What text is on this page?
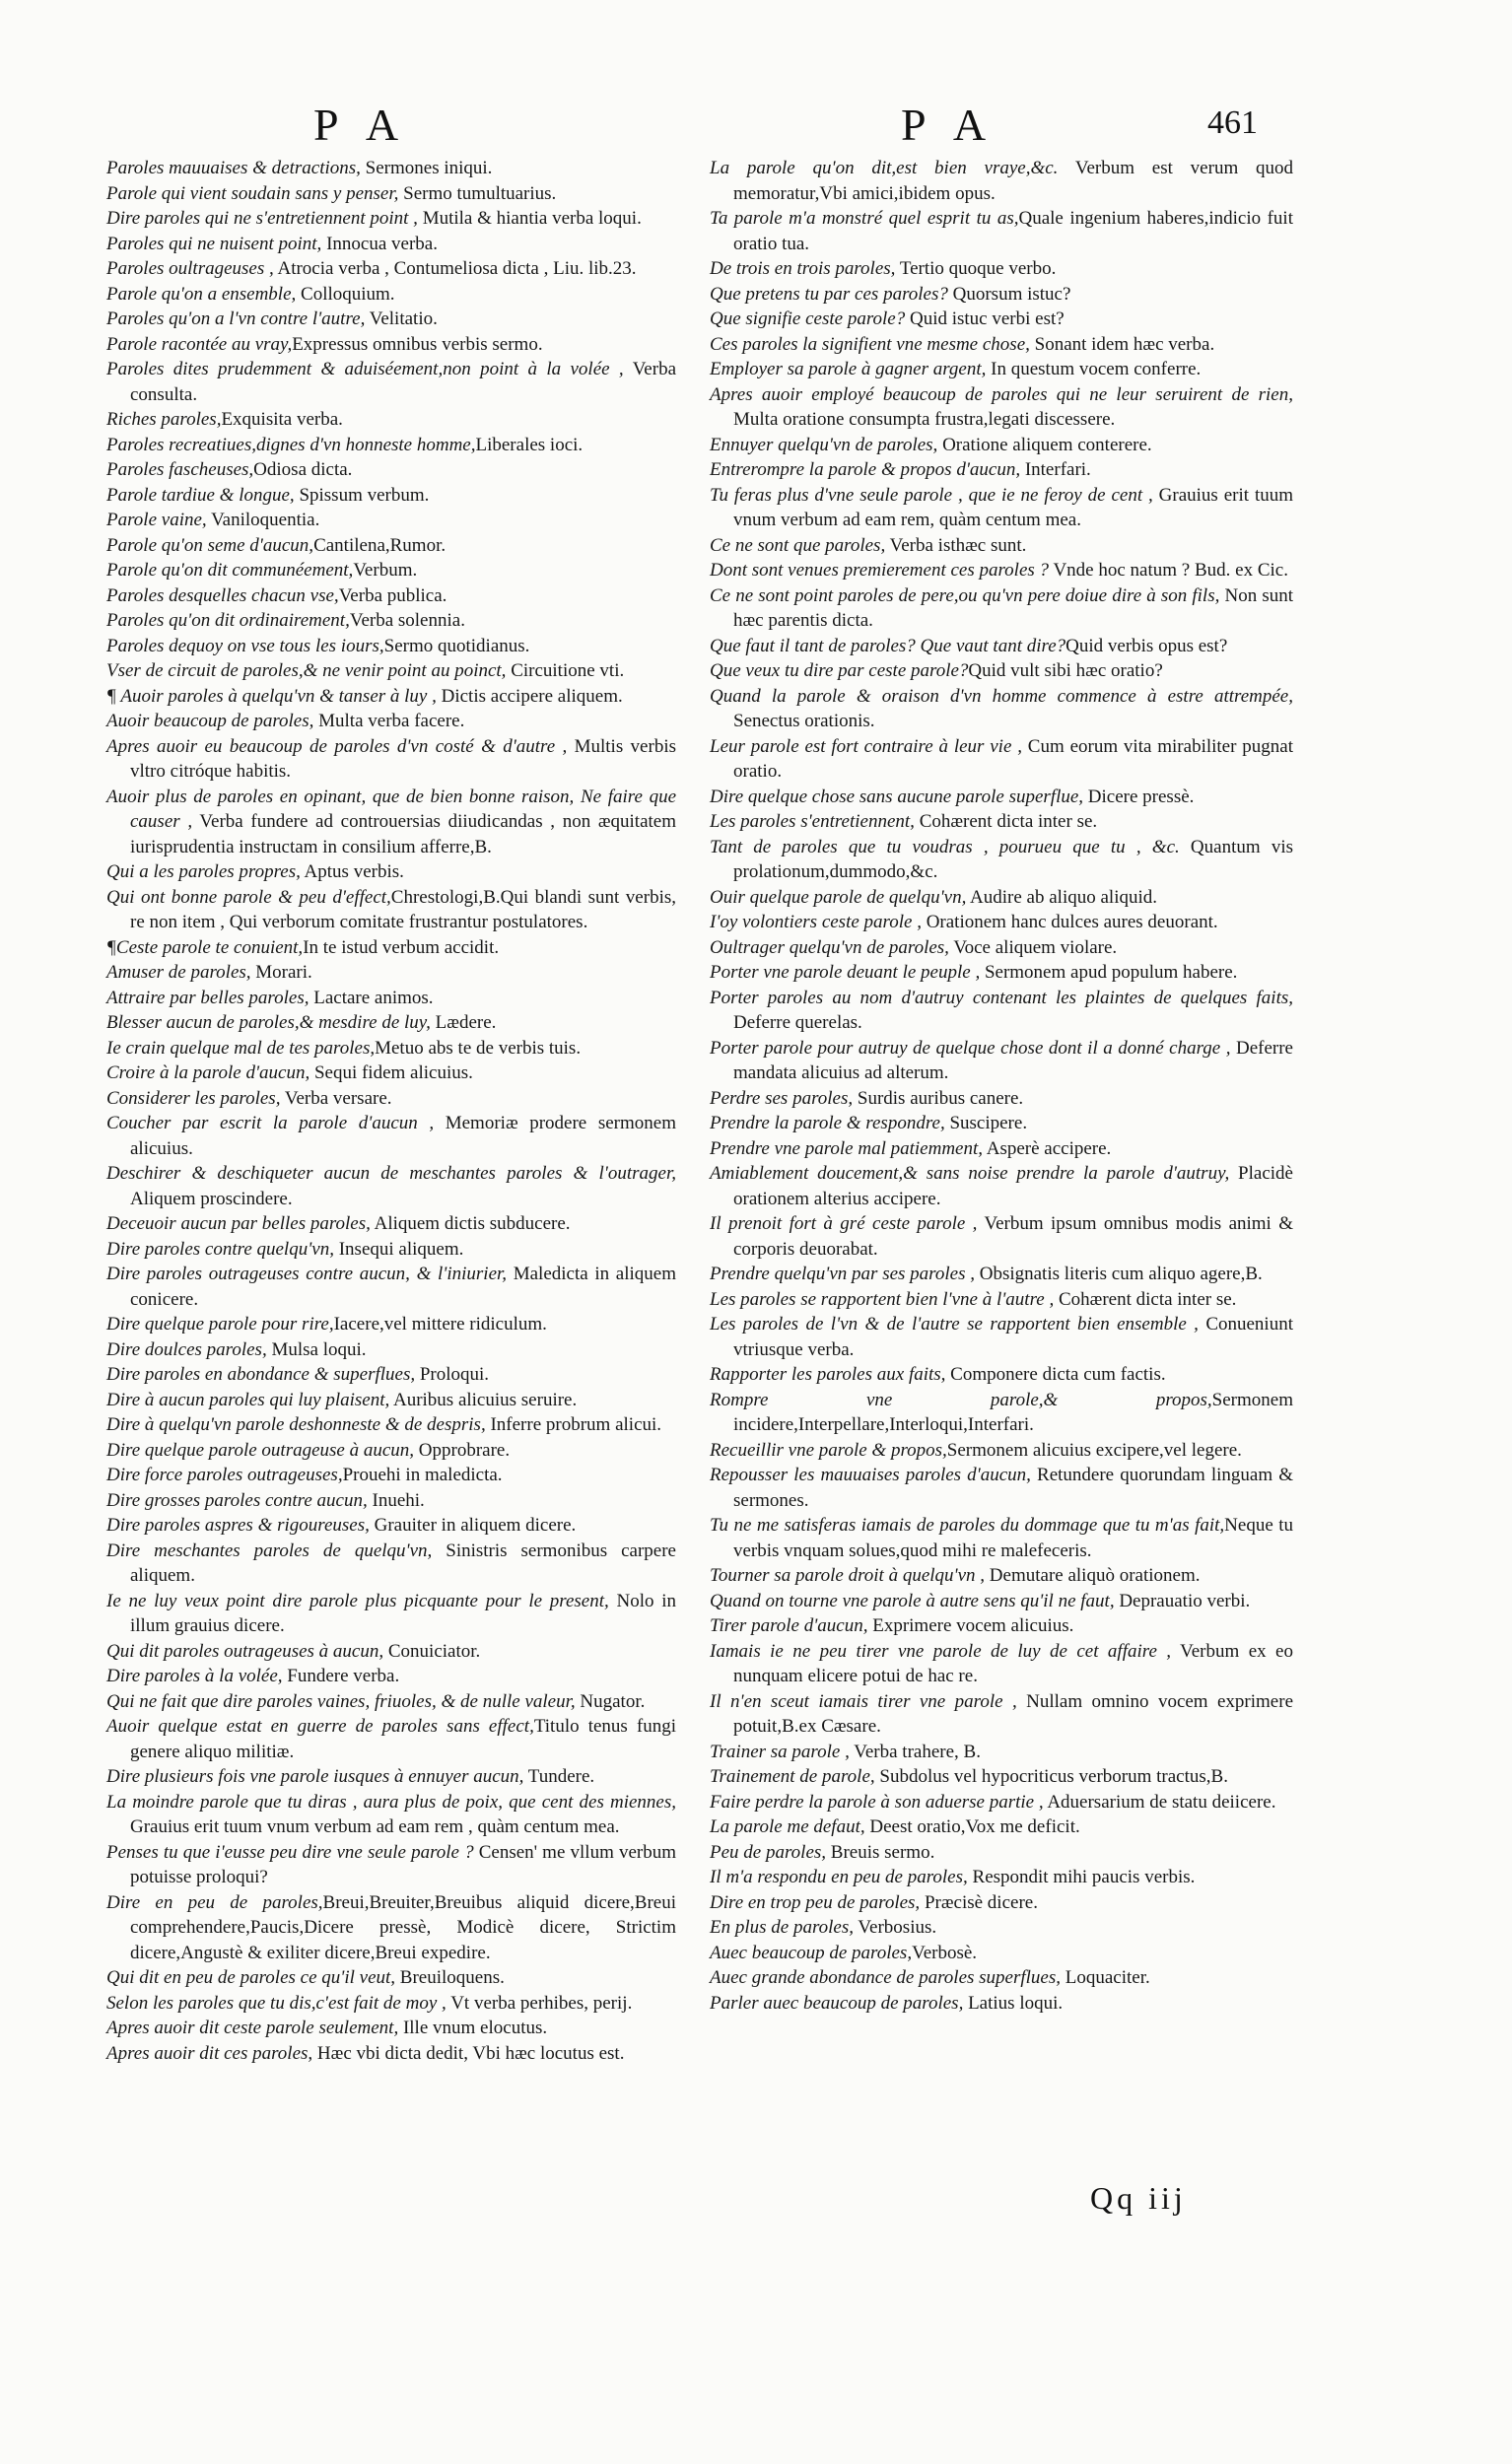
P A	P A	461
Paroles mauuaises & detractions, Sermones iniqui.
Parole qui vient soudain sans y penser, Sermo tumultuarius.
Dire paroles qui ne s'entretiennent point , Mutila & hiantia verba loqui.
Paroles qui ne nuisent point, Innocua verba.
Paroles oultrageuses , Atrocia verba , Contumeliosa dicta , Liu. lib.23.
Parole qu'on a ensemble, Colloquium.
Paroles qu'on a l'vn contre l'autre, Velitatio.
Parole racontée au vray,Expressus omnibus verbis sermo.
Paroles dites prudemment & aduiséement,non point à la volée , Verba consulta.
Riches paroles,Exquisita verba.
Paroles recreatiues,dignes d'vn honneste homme,Liberales ioci.
Paroles fascheuses,Odiosa dicta.
Parole tardiue & longue, Spissum verbum.
Parole vaine, Vaniloquentia.
Parole qu'on seme d'aucun,Cantilena,Rumor.
Parole qu'on dit communéement,Verbum.
Paroles desquelles chacun vse,Verba publica.
Paroles qu'on dit ordinairement,Verba solennia.
Paroles dequoy on vse tous les iours,Sermo quotidianus.
Vser de circuit de paroles,& ne venir point au poinct, Circuitione vti.
¶ Auoir paroles à quelqu'vn & tanser à luy , Dictis accipere aliquem.
Auoir beaucoup de paroles, Multa verba facere.
Apres auoir eu beaucoup de paroles d'vn costé & d'autre , Multis verbis vltro citróque habitis.
Auoir plus de paroles en opinant, que de bien bonne raison, Ne faire que causer , Verba fundere ad controuersias diiudicandas , non æquitatem iurisprudentia instructam in consilium afferre,B.
Qui a les paroles propres, Aptus verbis.
Qui ont bonne parole & peu d'effect,Chrestologi,B.Qui blandi sunt verbis, re non item , Qui verborum comitate frustrantur postulatores.
¶Ceste parole te conuient,In te istud verbum accidit.
Amuser de paroles, Morari.
Attraire par belles paroles, Lactare animos.
Blesser aucun de paroles,& mesdire de luy, Lædere.
Ie crain quelque mal de tes paroles,Metuo abs te de verbis tuis.
Croire à la parole d'aucun, Sequi fidem alicuius.
Considerer les paroles, Verba versare.
Coucher par escrit la parole d'aucun , Memoriæ prodere sermonem alicuius.
Deschirer & deschiqueter aucun de meschantes paroles & l'outrager, Aliquem proscindere.
Deceuoir aucun par belles paroles, Aliquem dictis subducere.
Dire paroles contre quelqu'vn, Insequi aliquem.
Dire paroles outrageuses contre aucun, & l'iniurier, Maledicta in aliquem conicere.
Dire quelque parole pour rire,Iacere,vel mittere ridiculum.
Dire doulces paroles, Mulsa loqui.
Dire paroles en abondance & superflues, Proloqui.
Dire à aucun paroles qui luy plaisent, Auribus alicuius seruire.
Dire à quelqu'vn parole deshonneste & de despris, Inferre probrum alicui.
Dire quelque parole outrageuse à aucun, Opprobrare.
Dire force paroles outrageuses,Prouehi in maledicta.
Dire grosses paroles contre aucun, Inuehi.
Dire paroles aspres & rigoureuses, Grauiter in aliquem dicere.
Dire meschantes paroles de quelqu'vn, Sinistris sermonibus carpere aliquem.
Ie ne luy veux point dire parole plus picquante pour le present, Nolo in illum grauius dicere.
Qui dit paroles outrageuses à aucun, Conuiciator.
Dire paroles à la volée, Fundere verba.
Qui ne fait que dire paroles vaines, friuoles, & de nulle valeur, Nugator.
Auoir quelque estat en guerre de paroles sans effect,Titulo tenus fungi genere aliquo militiæ.
Dire plusieurs fois vne parole iusques à ennuyer aucun, Tundere.
La moindre parole que tu diras , aura plus de poix, que cent des miennes, Grauius erit tuum vnum verbum ad eam rem , quàm centum mea.
Penses tu que i'eusse peu dire vne seule parole ? Censen' me vllum verbum potuisse proloqui?
Dire en peu de paroles,Breui,Breuiter,Breuibus aliquid dicere,Breui comprehendere,Paucis,Dicere pressè, Modicè dicere, Strictim dicere,Angustè & exiliter dicere,Breui expedire.
Qui dit en peu de paroles ce qu'il veut, Breuiloquens.
Selon les paroles que tu dis,c'est fait de moy , Vt verba perhibes, perij.
Apres auoir dit ceste parole seulement, Ille vnum elocutus.
Apres auoir dit ces paroles, Hæc vbi dicta dedit, Vbi hæc locutus est.
La parole qu'on dit,est bien vraye,&c. Verbum est verum quod memoratur,Vbi amici,ibidem opus.
Ta parole m'a monstré quel esprit tu as,Quale ingenium haberes,indicio fuit oratio tua.
De trois en trois paroles, Tertio quoque verbo.
Que pretens tu par ces paroles? Quorsum istuc?
Que signifie ceste parole? Quid istuc verbi est?
Ces paroles la signifient vne mesme chose, Sonant idem hæc verba.
Employer sa parole à gagner argent, In questum vocem conferre.
Apres auoir employé beaucoup de paroles qui ne leur seruirent de rien, Multa oratione consumpta frustra,legati discessere.
Ennuyer quelqu'vn de paroles, Oratione aliquem conterere.
Entrerompre la parole & propos d'aucun, Interfari.
Tu feras plus d'vne seule parole , que ie ne feroy de cent , Grauius erit tuum vnum verbum ad eam rem, quàm centum mea.
Ce ne sont que paroles, Verba isthæc sunt.
Dont sont venues premierement ces paroles ? Vnde hoc natum ? Bud. ex Cic.
Ce ne sont point paroles de pere,ou qu'vn pere doiue dire à son fils, Non sunt hæc parentis dicta.
Que faut il tant de paroles? Que vaut tant dire?Quid verbis opus est?
Que veux tu dire par ceste parole?Quid vult sibi hæc oratio?
Quand la parole & oraison d'vn homme commence à estre attrempée, Senectus orationis.
Leur parole est fort contraire à leur vie , Cum eorum vita mirabiliter pugnat oratio.
Dire quelque chose sans aucune parole superflue, Dicere pressè.
Les paroles s'entretiennent, Cohærent dicta inter se.
Tant de paroles que tu voudras , pourueu que tu , &c. Quantum vis prolationum,dummodo,&c.
Ouir quelque parole de quelqu'vn, Audire ab aliquo aliquid.
I'oy volontiers ceste parole , Orationem hanc dulces aures deuorant.
Oultrager quelqu'vn de paroles, Voce aliquem violare.
Porter vne parole deuant le peuple , Sermonem apud populum habere.
Porter paroles au nom d'autruy contenant les plaintes de quelques faits, Deferre querelas.
Porter parole pour autruy de quelque chose dont il a donné charge , Deferre mandata alicuius ad alterum.
Perdre ses paroles, Surdis auribus canere.
Prendre la parole & respondre, Suscipere.
Prendre vne parole mal patiemment, Asperè accipere.
Amiablement doucement,& sans noise prendre la parole d'autruy, Placidè orationem alterius accipere.
Il prenoit fort à gré ceste parole , Verbum ipsum omnibus modis animi & corporis deuorabat.
Prendre quelqu'vn par ses paroles , Obsignatis literis cum aliquo agere,B.
Les paroles se rapportent bien l'vne à l'autre , Cohærent dicta inter se.
Les paroles de l'vn & de l'autre se rapportent bien ensemble , Conueniunt vtriusque verba.
Rapporter les paroles aux faits, Componere dicta cum factis.
Rompre vne parole,& propos,Sermonem incidere,Interpellare,Interloqui,Interfari.
Recueillir vne parole & propos,Sermonem alicuius excipere,vel legere.
Repousser les mauuaises paroles d'aucun, Retundere quorundam linguam & sermones.
Tu ne me satisferas iamais de paroles du dommage que tu m'as fait,Neque tu verbis vnquam solues,quod mihi re malefeceris.
Tourner sa parole droit à quelqu'vn , Demutare aliquò orationem.
Quand on tourne vne parole à autre sens qu'il ne faut, Deprauatio verbi.
Tirer parole d'aucun, Exprimere vocem alicuius.
Iamais ie ne peu tirer vne parole de luy de cet affaire , Verbum ex eo nunquam elicere potui de hac re.
Il n'en sceut iamais tirer vne parole , Nullam omnino vocem exprimere potuit,B.ex Cæsare.
Trainer sa parole , Verba trahere, B.
Trainement de parole, Subdolus vel hypocriticus verborum tractus,B.
Faire perdre la parole à son aduerse partie , Aduersarium de statu deiicere.
La parole me defaut, Deest oratio,Vox me deficit.
Peu de paroles, Breuis sermo.
Il m'a respondu en peu de paroles, Respondit mihi paucis verbis.
Dire en trop peu de paroles, Præcisè dicere.
En plus de paroles, Verbosius.
Auec beaucoup de paroles,Verbosè.
Auec grande abondance de paroles superflues, Loquaciter.
Parler auec beaucoup de paroles, Latius loqui.
Qq iij
